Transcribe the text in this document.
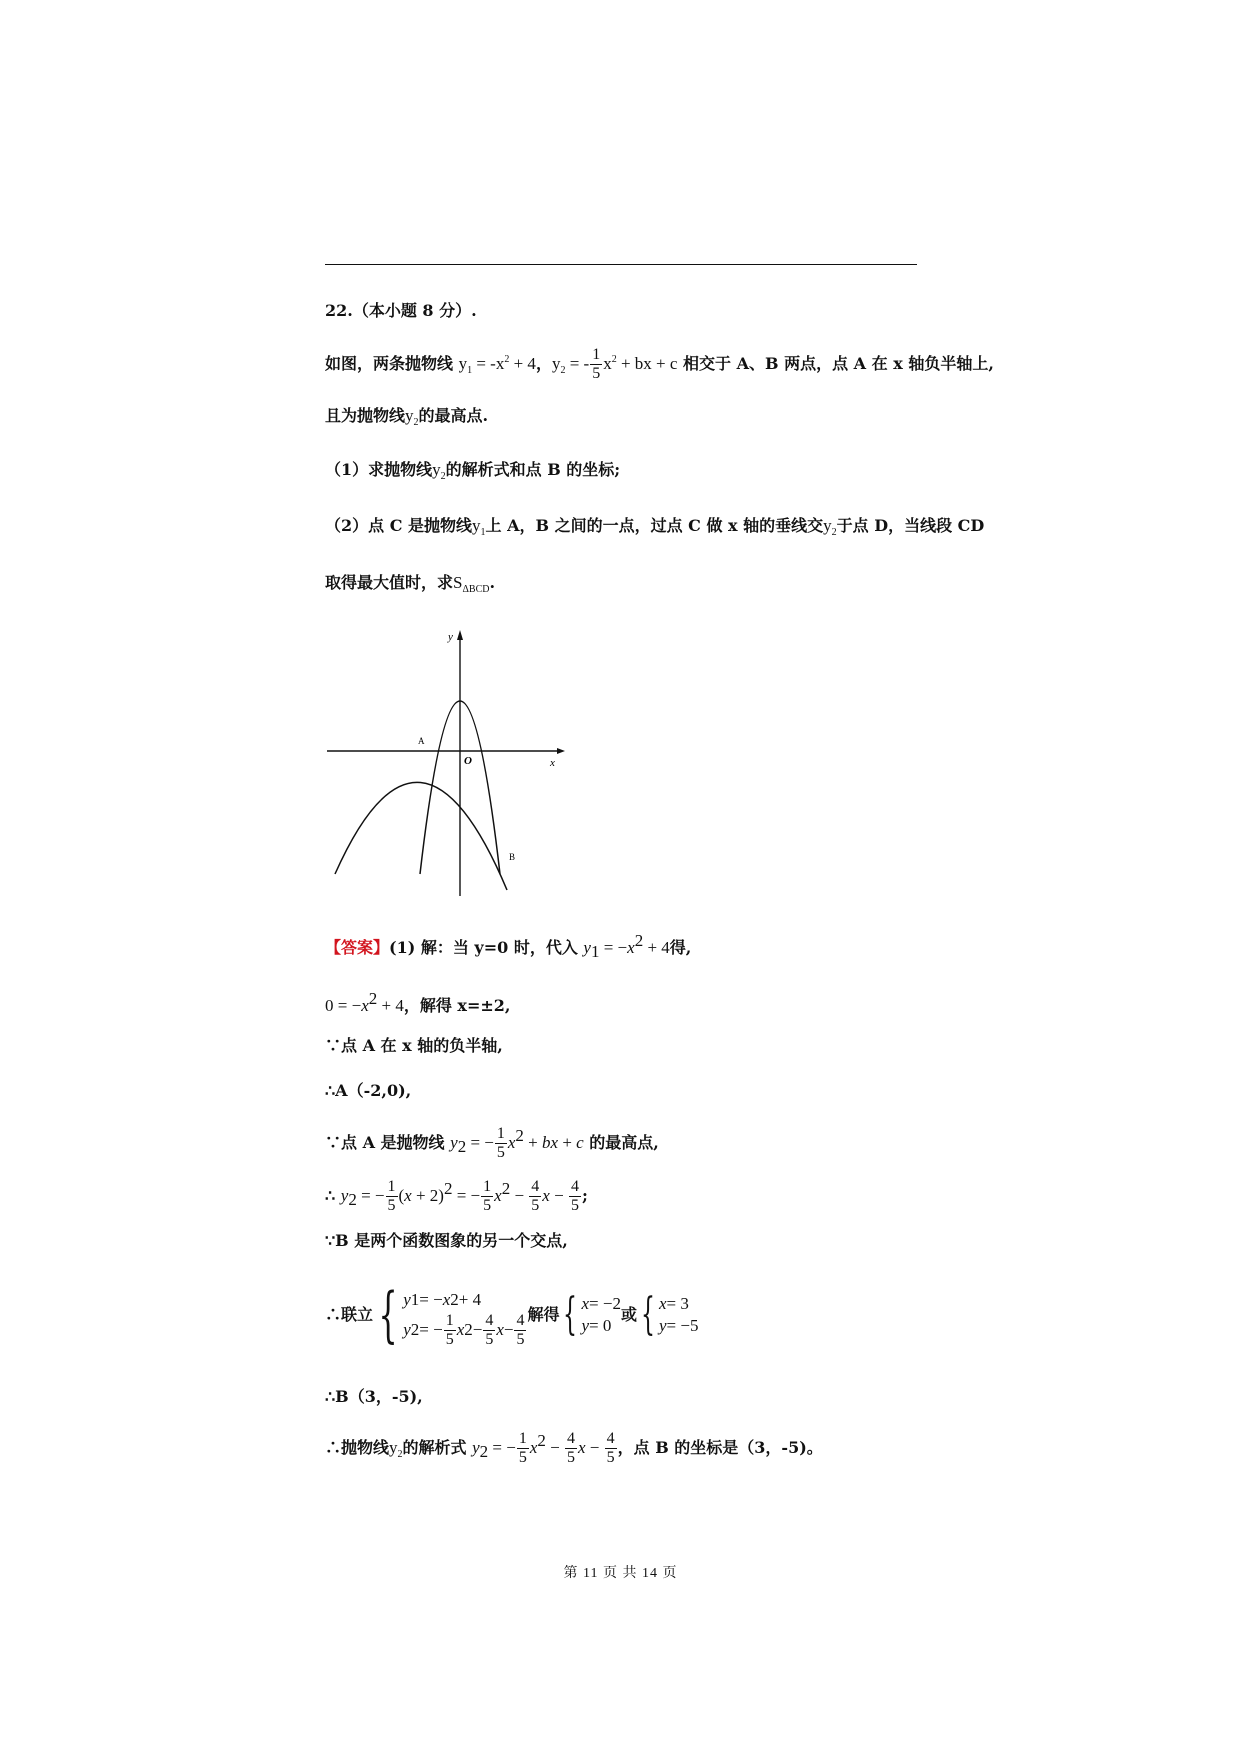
22.（本小题 8 分）.
如图，两条抛物线 $y_1 = -x^2 + 4$，$y_2$ = - $\frac{1}{5} x^2$ + bx + c 相交于 A、B 两点，点 A 在 x 轴负半轴上,
且为抛物线$y_2$的最高点.
（1）求抛物线$y_2$的解析式和点 B 的坐标;
（2）点 C 是抛物线$y_1$上 A，B 之间的一点，过点 C 做 x 轴的垂线交$y_2$于点 D，当线段 CD
取得最大值时，求$S_{\Delta BCD}$.
y
x
O
A
B
【答案】(1) 解：当 y=0 时，代入 $y_1 = -x^2 + 4$得,
$0 = -x^2 + 4$，解得 x=±2,
∵点 A 在 x 轴的负半轴,
∴A（-2,0),
∵点 A 是抛物线 $y_2$ = − $\frac{1}{5} x^2$ + bx + c 的最高点,
∴ $y_2$ = − $\frac{1}{5} (x + 2)^2$ = − $\frac{1}{5} x^2 - \frac{4}{5}$ $x - \frac{4}{5}$ ;
∵B 是两个函数图象的另一个交点,
∴联立 { y 1 = − x 2 + 4
y 2 = − $\frac{1}{5}$ x $2 - \frac{4}{5}$ $x - \frac{4}{5}$ 解得 { x = −2
y = 0
或 { x = 3
y = −5
∴B（3，-5),
∴抛物线$y_2$的解析式 $y_2$ = − $\frac{1}{5} x^2 - \frac{4}{5}$ $x - \frac{4}{5}$ ，点 B 的坐标是（3，-5)。
第 11 页 共 14 页
